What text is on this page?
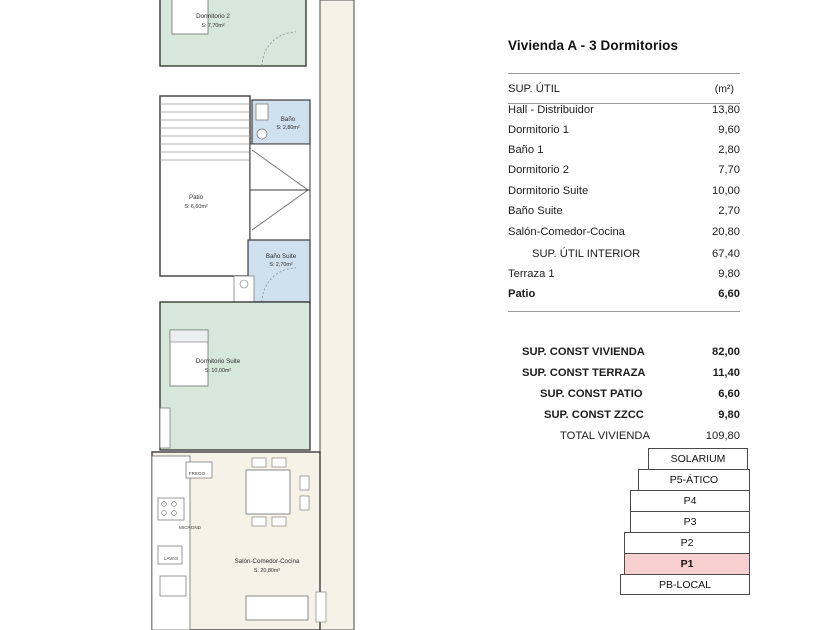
Dormitorio 2
S: 7,70m²
Baño
S: 2,80m²
Patio
S: 6,60m²
Baño Suite
S: 2,70m²
Dormitorio Suite
S: 10,00m²
Salón-Comedor-Cocina
S: 20,80m²
FREGO
MICROND
LAVAS
Vivienda A - 3 Dormitorios
SUP. ÚTIL	(m²)
Hall - Distribuidor	13,80
Dormitorio 1	9,60
Baño 1	2,80
Dormitorio 2	7,70
Dormitorio Suite	10,00
Baño Suite	2,70
Salón-Comedor-Cocina	20,80
SUP. ÚTIL INTERIOR	67,40
Terraza 1	9,80
Patio	6,60
SUP. CONST VIVIENDA	82,00
SUP. CONST TERRAZA	11,40
SUP. CONST PATIO	6,60
SUP. CONST ZZCC	9,80
TOTAL VIVIENDA	109,80
SOLARIUM
P5-ÁTICO
P4
P3
P2
P1
PB-LOCAL
